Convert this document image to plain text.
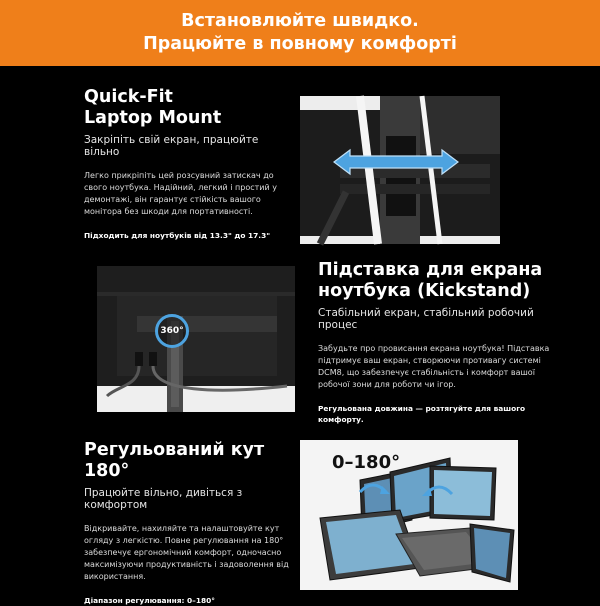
Встановлюйте швидко.
Працюйте в повному комфорті
Quick-Fit
Laptop Mount
Закріпіть свій екран, працюйте вільно
Легко прикріпіть цей розсувний затискач до свого ноутбука. Надійний, легкий і простий у демонтажі, він гарантує стійкість вашого монітора без шкоди для портативності.
Підходить для ноутбуків від 13.3" до 17.3"
360°
Підставка для екрана
ноутбука (Kickstand)
Стабільний екран, стабільний робочий процес
Забудьте про провисання екрана ноутбука! Підставка підтримує ваш екран, створюючи противагу системі DCM8, що забезпечує стабільність і комфорт вашої робочої зони для роботи чи ігор.
Регульована довжина — розтягуйте для вашого комфорту.
Регульований кут 180°
Працюйте вільно, дивіться з комфортом
Відкривайте, нахиляйте та налаштовуйте кут огляду з легкістю. Повне регулювання на 180° забезпечує ергономічний комфорт, одночасно максимізуючи продуктивність і задоволення від використання.
Діапазон регулювання: 0–180°
0–180°
